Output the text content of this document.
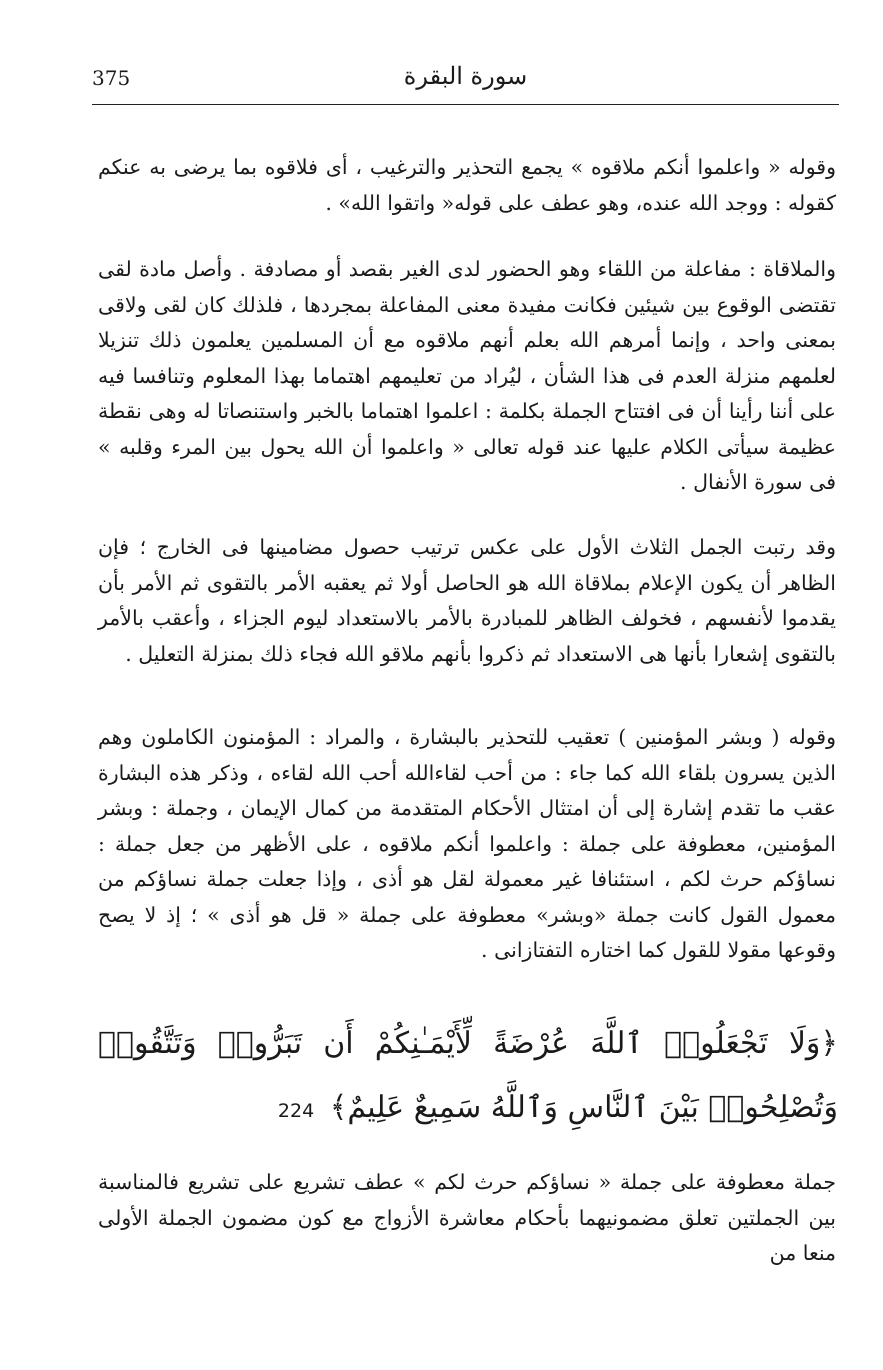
375	سورة البقرة

وقوله « واعلموا أنكم ملاقوه » يجمع التحذير والترغيب ، أى فلاقوه بما يرضى به عنكم كقوله : ووجد الله عنده، وهو عطف على قوله« واتقوا الله» .

والملاقاة : مفاعلة من اللقاء وهو الحضور لدى الغير بقصد أو مصادفة . وأصل مادة لقى تقتضى الوقوع بين شيئين فكانت مفيدة معنى المفاعلة بمجردها ، فلذلك كان لقى ولاقى بمعنى واحد ، وإنما أمرهم الله بعلم أنهم ملاقوه مع أن المسلمين يعلمون ذلك تنزيلا لعلمهم منزلة العدم فى هذا الشأن ، ليُراد من تعليمهم اهتماما بهذا المعلوم وتنافسا فيه على أننا رأينا أن فى افتتاح الجملة بكلمة : اعلموا اهتماما بالخبر واستنصاتا له وهى نقطة عظيمة سيأتى الكلام عليها عند قوله تعالى « واعلموا أن الله يحول بين المرء وقلبه » فى سورة الأنفال .

وقد رتبت الجمل الثلاث الأول على عكس ترتيب حصول مضامينها فى الخارج ؛ فإن الظاهر أن يكون الإعلام بملاقاة الله هو الحاصل أولا ثم يعقبه الأمر بالتقوى ثم الأمر بأن يقدموا لأنفسهم ، فخولف الظاهر للمبادرة بالأمر بالاستعداد ليوم الجزاء ، وأعقب بالأمر بالتقوى إشعارا بأنها هى الاستعداد ثم ذكروا بأنهم ملاقو الله فجاء ذلك بمنزلة التعليل .

وقوله ( وبشر المؤمنين ) تعقيب للتحذير بالبشارة ، والمراد : المؤمنون الكاملون وهم الذين يسرون بلقاء الله كما جاء : من أحب لقاءالله أحب الله لقاءه ، وذكر هذه البشارة عقب ما تقدم إشارة إلى أن امتثال الأحكام المتقدمة من كمال الإيمان ، وجملة : وبشر المؤمنين، معطوفة على جملة : واعلموا أنكم ملاقوه ، على الأظهر من جعل جملة : نساؤكم حرث لكم ، استئنافا غير معمولة لقل هو أذى ، وإذا جعلت جملة نساؤكم من معمول القول كانت جملة «وبشر» معطوفة على جملة « قل هو أذى » ؛ إذ لا يصح وقوعها مقولا للقول كما اختاره التفتازانى .

﴿وَلَا تَجْعَلُوا۟ ٱللَّهَ عُرْضَةً لِّأَيْمَـٰنِكُمْ أَن تَبَرُّوا۟ وَتَتَّقُوا۟ وَتُصْلِحُوا۟ بَيْنَ ٱلنَّاسِ وَٱللَّهُ سَمِيعٌ عَلِيمٌ﴾ 224

جملة معطوفة على جملة « نساؤكم حرث لكم » عطف تشريع على تشريع فالمناسبة بين الجملتين تعلق مضمونيهما بأحكام معاشرة الأزواج مع كون مضمون الجملة الأولى منعا من
